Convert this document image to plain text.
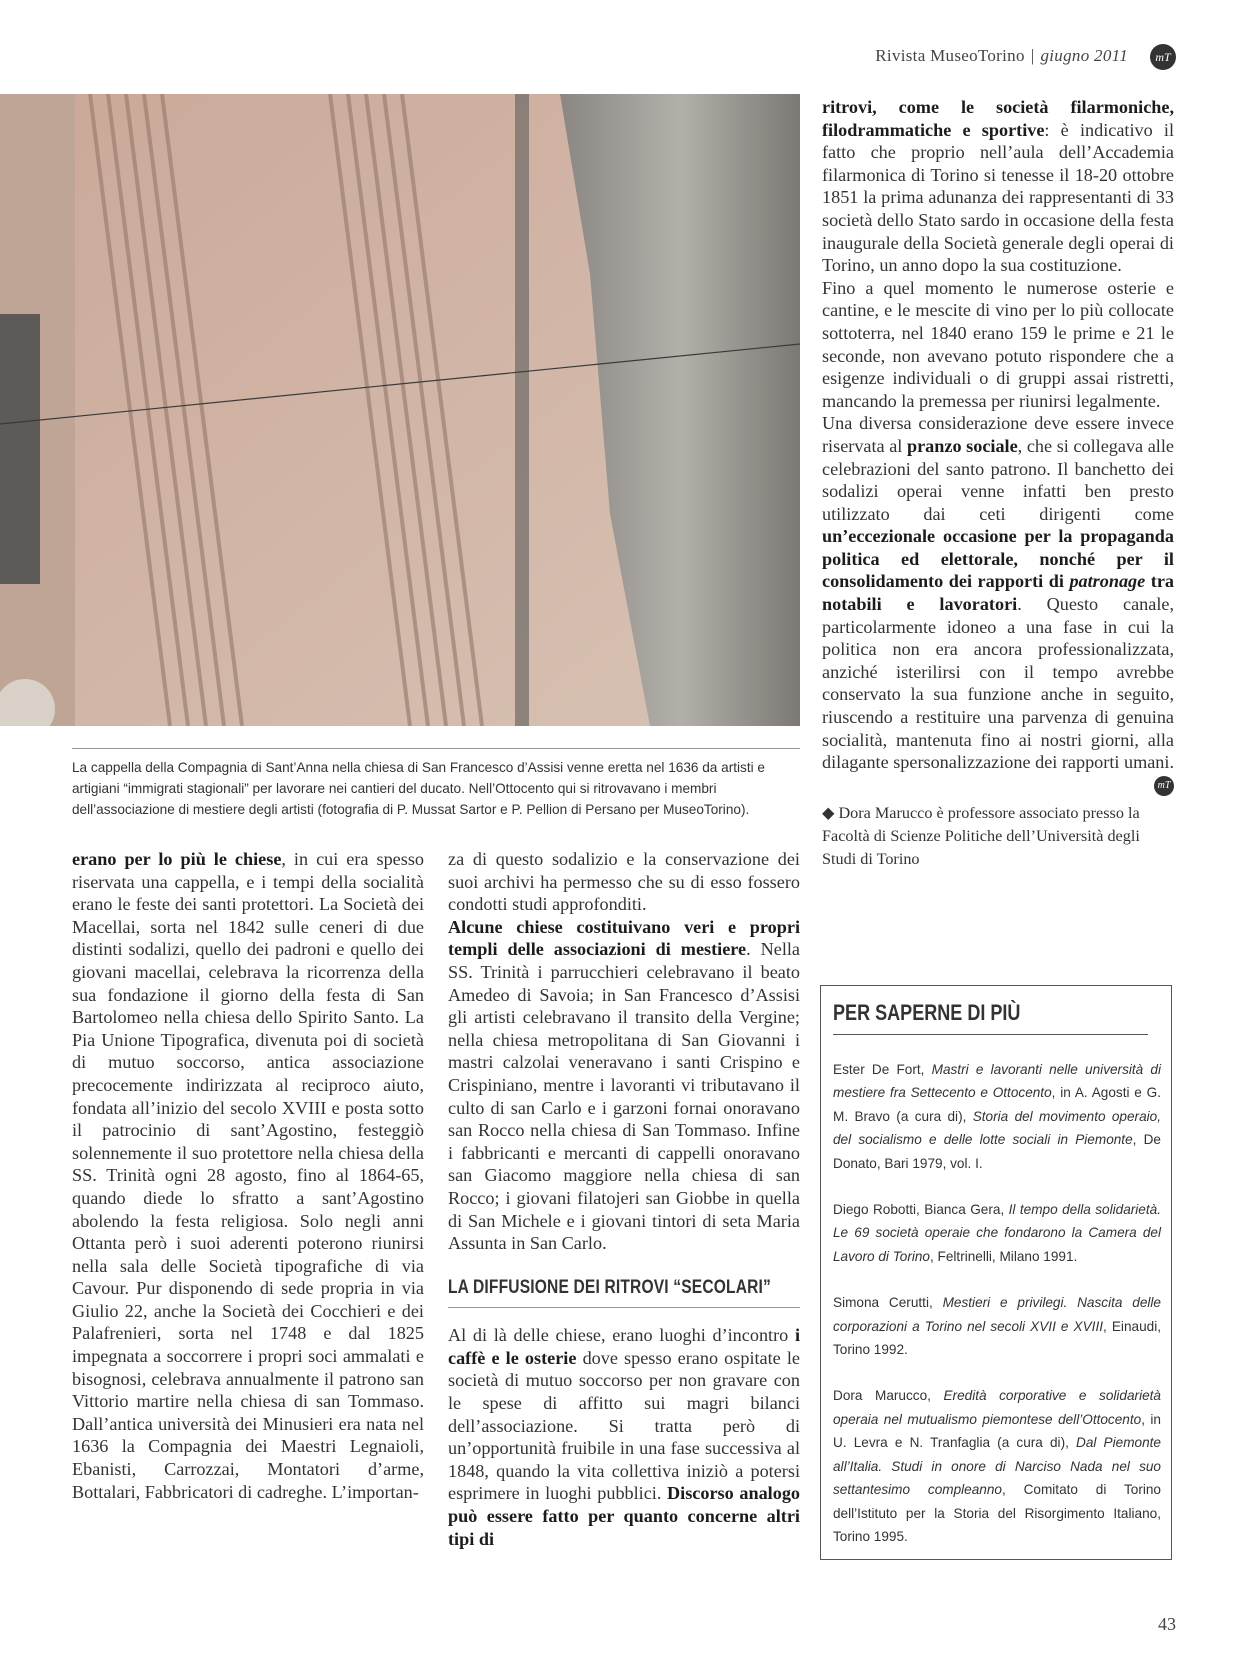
Rivista MuseoTorino | giugno 2011	mT
La cappella della Compagnia di Sant’Anna nella chiesa di San Francesco d’Assisi venne eretta nel 1636 da artisti e artigiani “immigrati stagionali” per lavorare nei cantieri del ducato. Nell’Ottocento qui si ritrovavano i membri dell’associazione di mestiere degli artisti (fotografia di P. Mussat Sartor e P. Pellion di Persano per MuseoTorino).

erano per lo più le chiese, in cui era spesso riservata una cappella, e i tempi della socialità erano le feste dei santi protettori. La Società dei Macellai, sorta nel 1842 sulle ceneri di due distinti sodalizi, quello dei padroni e quello dei giovani macellai, celebrava la ricorrenza della sua fondazione il giorno della festa di San Bartolomeo nella chiesa dello Spirito Santo. La Pia Unione Tipografica, divenuta poi di società di mutuo soccorso, antica associazione precocemente indirizzata al reciproco aiuto, fondata all’inizio del secolo XVIII e posta sotto il patrocinio di sant’Agostino, festeggiò solennemente il suo protettore nella chiesa della SS. Trinità ogni 28 agosto, fino al 1864-65, quando diede lo sfratto a sant’Agostino abolendo la festa religiosa. Solo negli anni Ottanta però i suoi aderenti poterono riunirsi nella sala delle Società tipografiche di via Cavour. Pur disponendo di sede propria in via Giulio 22, anche la Società dei Cocchieri e dei Palafrenieri, sorta nel 1748 e dal 1825 impegnata a soccorrere i propri soci ammalati e bisognosi, celebrava annualmente il patrono san Vittorio martire nella chiesa di san Tommaso. Dall’antica università dei Minusieri era nata nel 1636 la Compagnia dei Maestri Legnaioli, Ebanisti, Carrozzai, Montatori d’arme, Bottalari, Fabbricatori di cadreghe. L’importan-

za di questo sodalizio e la conservazione dei suoi archivi ha permesso che su di esso fossero condotti studi approfonditi.

Alcune chiese costituivano veri e propri templi delle associazioni di mestiere. Nella SS. Trinità i parrucchieri celebravano il beato Amedeo di Savoia; in San Francesco d’Assisi gli artisti celebravano il transito della Vergine; nella chiesa metropolitana di San Giovanni i mastri calzolai veneravano i santi Crispino e Crispiniano, mentre i lavoranti vi tributavano il culto di san Carlo e i garzoni fornai onoravano san Rocco nella chiesa di San Tommaso. Infine i fabbricanti e mercanti di cappelli onoravano san Giacomo maggiore nella chiesa di san Rocco; i giovani filatojeri san Giobbe in quella di San Michele e i giovani tintori di seta Maria Assunta in San Carlo.

LA DIFFUSIONE DEI RITROVI “SECOLARI”

Al di là delle chiese, erano luoghi d’incontro i caffè e le osterie dove spesso erano ospitate le società di mutuo soccorso per non gravare con le spese di affitto sui magri bilanci dell’associazione. Si tratta però di un’opportunità fruibile in una fase successiva al 1848, quando la vita collettiva iniziò a potersi esprimere in luoghi pubblici. Discorso analogo può essere fatto per quanto concerne altri tipi di

ritrovi, come le società filarmoniche, filodrammatiche e sportive: è indicativo il fatto che proprio nell’aula dell’Accademia filarmonica di Torino si tenesse il 18-20 ottobre 1851 la prima adunanza dei rappresentanti di 33 società dello Stato sardo in occasione della festa inaugurale della Società generale degli operai di Torino, un anno dopo la sua costituzione.

Fino a quel momento le numerose osterie e cantine, e le mescite di vino per lo più collocate sottoterra, nel 1840 erano 159 le prime e 21 le seconde, non avevano potuto rispondere che a esigenze individuali o di gruppi assai ristretti, mancando la premessa per riunirsi legalmente.

Una diversa considerazione deve essere invece riservata al pranzo sociale, che si collegava alle celebrazioni del santo patrono. Il banchetto dei sodalizi operai venne infatti ben presto utilizzato dai ceti dirigenti come un’eccezionale occasione per la propaganda politica ed elettorale, nonché per il consolidamento dei rapporti di patronage tra notabili e lavoratori. Questo canale, particolarmente idoneo a una fase in cui la politica non era ancora professionalizzata, anziché isterilirsi con il tempo avrebbe conservato la sua funzione anche in seguito, riuscendo a restituire una parvenza di genuina socialità, mantenuta fino ai nostri giorni, alla dilagante spersonalizzazione dei rapporti umani.

mT

◆ Dora Marucco è professore associato presso la Facoltà di Scienze Politiche dell’Università degli Studi di Torino

PER SAPERNE DI PIÙ

Ester De Fort, Mastri e lavoranti nelle università di mestiere fra Settecento e Ottocento, in A. Agosti e G. M. Bravo (a cura di), Storia del movimento operaio, del socialismo e delle lotte sociali in Piemonte, De Donato, Bari 1979, vol. I.

Diego Robotti, Bianca Gera, Il tempo della solidarietà. Le 69 società operaie che fondarono la Camera del Lavoro di Torino, Feltrinelli, Milano 1991.

Simona Cerutti, Mestieri e privilegi. Nascita delle corporazioni a Torino nel secoli XVII e XVIII, Einaudi, Torino 1992.

Dora Marucco, Eredità corporative e solidarietà operaia nel mutualismo piemontese dell’Ottocento, in U. Levra e N. Tranfaglia (a cura di), Dal Piemonte all’Italia. Studi in onore di Narciso Nada nel suo settantesimo compleanno, Comitato di Torino dell’Istituto per la Storia del Risorgimento Italiano, Torino 1995.

43
